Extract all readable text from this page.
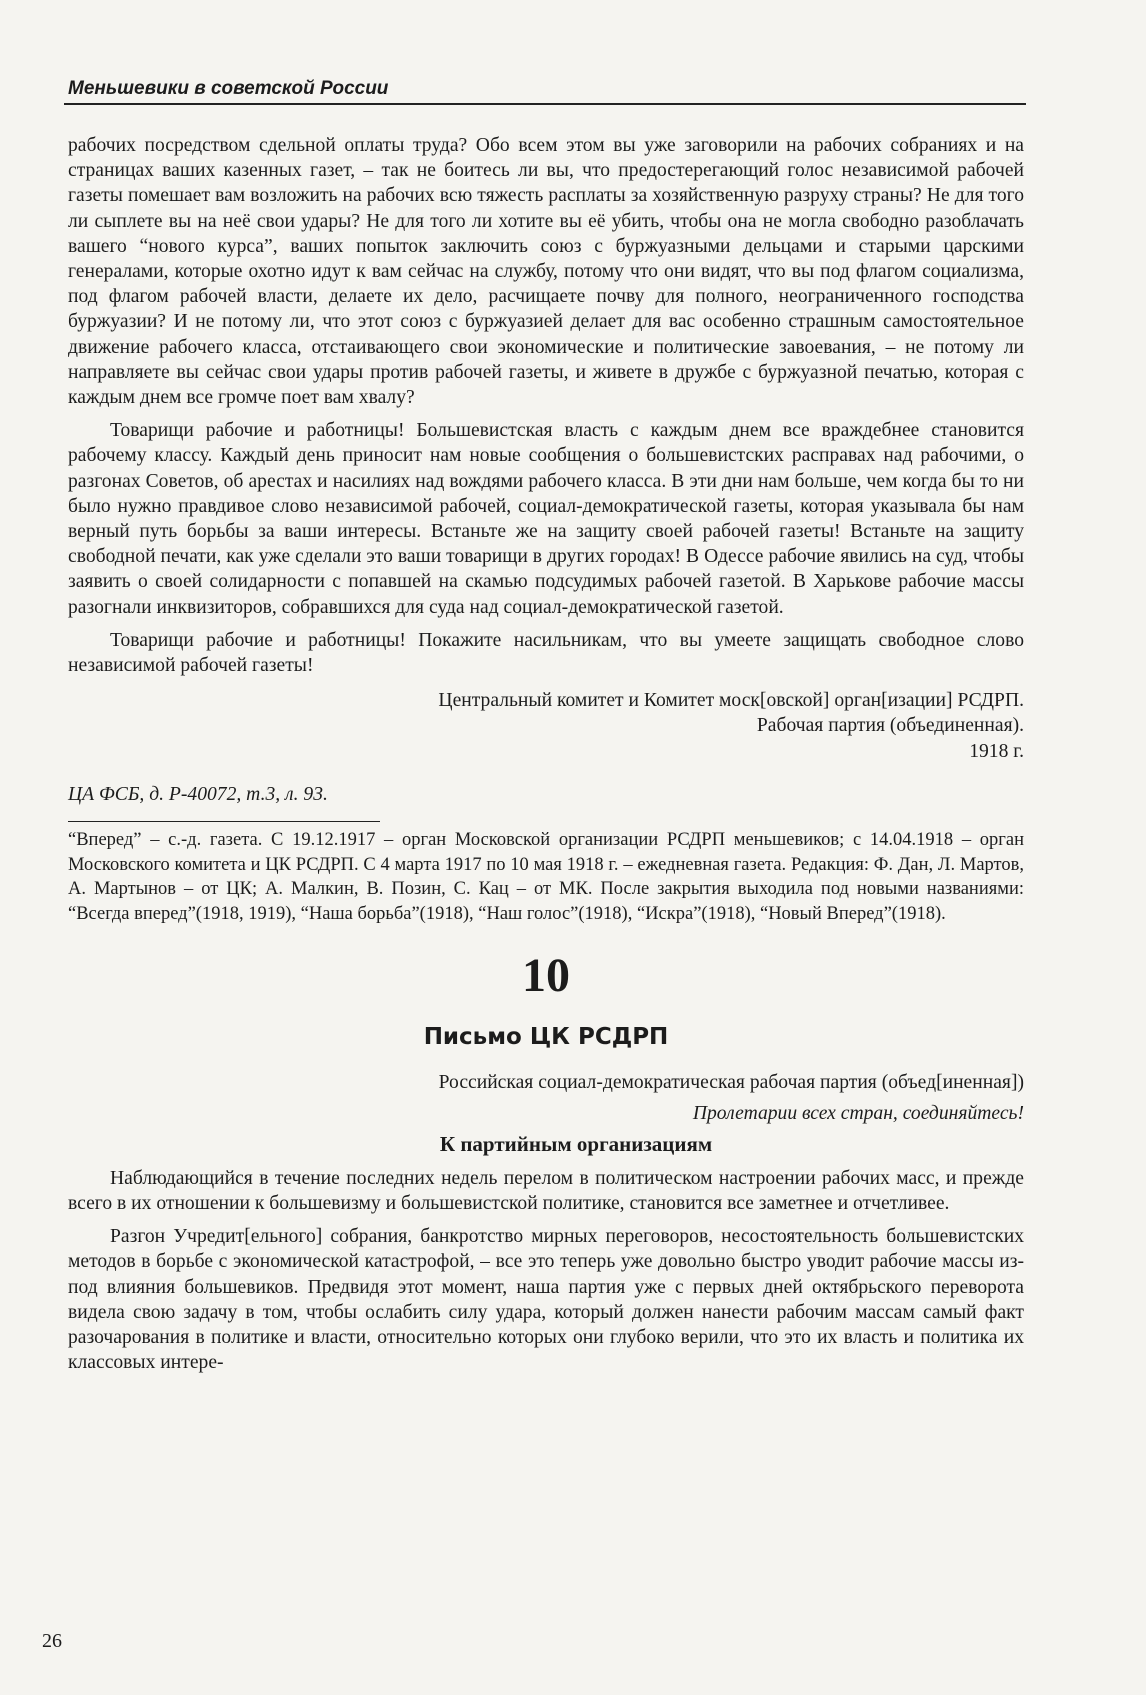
Меньшевики в советской России

рабочих посредством сдельной оплаты труда? Обо всем этом вы уже заговорили на рабочих собраниях и на страницах ваших казенных газет, – так не боитесь ли вы, что предостерегающий голос независимой рабочей газеты помешает вам возложить на рабочих всю тяжесть расплаты за хозяйственную разруху страны? Не для того ли сыплете вы на неё свои удары? Не для того ли хотите вы её убить, чтобы она не могла свободно разоблачать вашего “нового курса”, ваших попыток заключить союз с буржуазными дельцами и старыми царскими генералами, которые охотно идут к вам сейчас на службу, потому что они видят, что вы под флагом социализма, под флагом рабочей власти, делаете их дело, расчищаете почву для полного, неограниченного господства буржуазии? И не потому ли, что этот союз с буржуазией делает для вас особенно страшным самостоятельное движение рабочего класса, отстаивающего свои экономические и политические завоевания, – не потому ли направляете вы сейчас свои удары против рабочей газеты, и живете в дружбе с буржуазной печатью, которая с каждым днем все громче поет вам хвалу?

Товарищи рабочие и работницы! Большевистская власть с каждым днем все враждебнее становится рабочему классу. Каждый день приносит нам новые сообщения о большевистских расправах над рабочими, о разгонах Советов, об арестах и насилиях над вождями рабочего класса. В эти дни нам больше, чем когда бы то ни было нужно правдивое слово независимой рабочей, социал-демократической газеты, которая указывала бы нам верный путь борьбы за ваши интересы. Встаньте же на защиту своей рабочей газеты! Встаньте на защиту свободной печати, как уже сделали это ваши товарищи в других городах! В Одессе рабочие явились на суд, чтобы заявить о своей солидарности с попавшей на скамью подсудимых рабочей газетой. В Харькове рабочие массы разогнали инквизиторов, собравшихся для суда над социал-демократической газетой.

Товарищи рабочие и работницы! Покажите насильникам, что вы умеете защищать свободное слово независимой рабочей газеты!

Центральный комитет и Комитет моск[овской] орган[изации] РСДРП.

Рабочая партия (объединенная).

1918 г.

ЦА ФСБ, д. Р-40072, т.3, л. 93.

“Вперед” – с.-д. газета. С 19.12.1917 – орган Московской организации РСДРП меньшевиков; с 14.04.1918 – орган Московского комитета и ЦК РСДРП. С 4 марта 1917 по 10 мая 1918 г. – ежедневная газета. Редакция: Ф. Дан, Л. Мартов, А. Мартынов – от ЦК; А. Малкин, В. Позин, С. Кац – от МК. После закрытия выходила под новыми названиями: “Всегда вперед”(1918, 1919), “Наша борьба”(1918), “Наш голос”(1918), “Искра”(1918), “Новый Вперед”(1918).

10

Письмо ЦК РСДРП

Российская социал-демократическая рабочая партия (объед[иненная])

Пролетарии всех стран, соединяйтесь!

К партийным организациям

Наблюдающийся в течение последних недель перелом в политическом настроении рабочих масс, и прежде всего в их отношении к большевизму и большевистской политике, становится все заметнее и отчетливее.

Разгон Учредит[ельного] собрания, банкротство мирных переговоров, несостоятельность большевистских методов в борьбе с экономической катастрофой, – все это теперь уже довольно быстро уводит рабочие массы из-под влияния большевиков. Предвидя этот момент, наша партия уже с первых дней октябрьского переворота видела свою задачу в том, чтобы ослабить силу удара, который должен нанести рабочим массам самый факт разочарования в политике и власти, относительно которых они глубоко верили, что это их власть и политика их классовых интере-

26
